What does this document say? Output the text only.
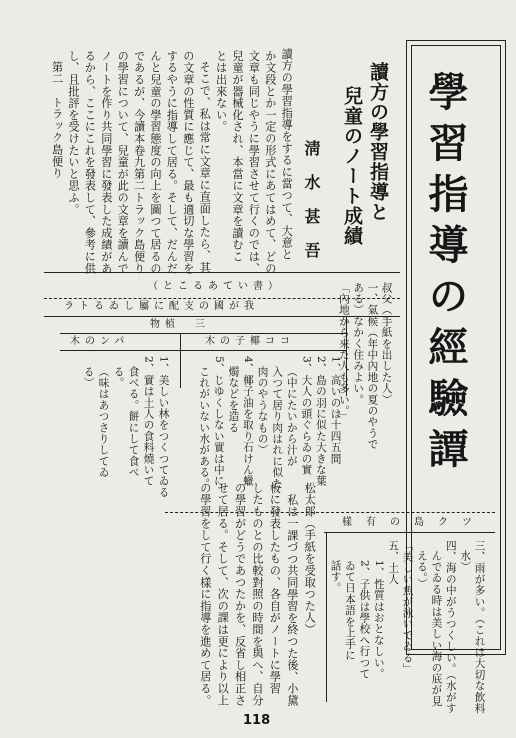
學習指導の經驗譚
讀方の學習指導と
兒童のノート成績
淸水甚吾
讀方の學習指導をするに當つて、大意と
か文段とか一定の形式にあてはめて、どの
文章も同じやうに學習させて行くのでは、
兒童が器械化され、本當に文章を讀むこ
とは出來ない。
そこで、私は常に文章に直面したら、其
の文章の性質に應じて、最も適切な學習を
するやうに指導して居る。そして、だんだ
んと兒童の學習態度の向上を圖つて居るの
であるが、今讀本卷九第二トラック島便り
の學習について、兒童が此の文章を讀んで
ノートを作り共同學習に發表した成績があ
るから、ここにこれを發表して、參考に供
し、且批評を受けたいと思ふ。
第二　トラック島便り
（書いてあること）
我が國の支配に屬しゐるトラ
三　植物
パンの木	ココ椰子の木	叔父（手紙を出した人）
一、氣候（年中內地の夏のやうで
ある）なかく住みよい。
「內地から來た人も多い。」
1、高いのは十四五間
2、島の羽に似た大きな葉
3、大人の頭ぐらゐの實
（中にたいから汁が
入つて居り肉はれに似た
肉のやうなもの）
4、椰子油を取り石けん蠟
燭などを造る
5、じゆくしない實は中に
これがいない水がある。
1、美しい林をつくつてゐる
2、實は土人の食料燒いて
食べる。餅にして食べ
る。
（味はあつさりしてゐ
る）
ツ　ク　島　の　有　樣
三、雨が多い。（これは大切な飲料
水）
四、海の中がうつくしい。（水がす
んでゐる時は美しい海の底が見
える。）
「美しい魚が泳いでゐる」
五、土人
1、性質はおとなしい。
2、子供は學校へ行つて
ゐて日本語を上手に
話す。
松太郞（手紙を受取つた人）
私は一課づつ共同學習を終つた後、小黛
板に發表したもの、各自がノートに學習
したものとの比較對照の時間を與へ、自分
の學習がどうであつたかを、反省し相正さ
せて居る。そして、次の課は更により以上
の學習をして行く樣に指導を進めて居る。
118
